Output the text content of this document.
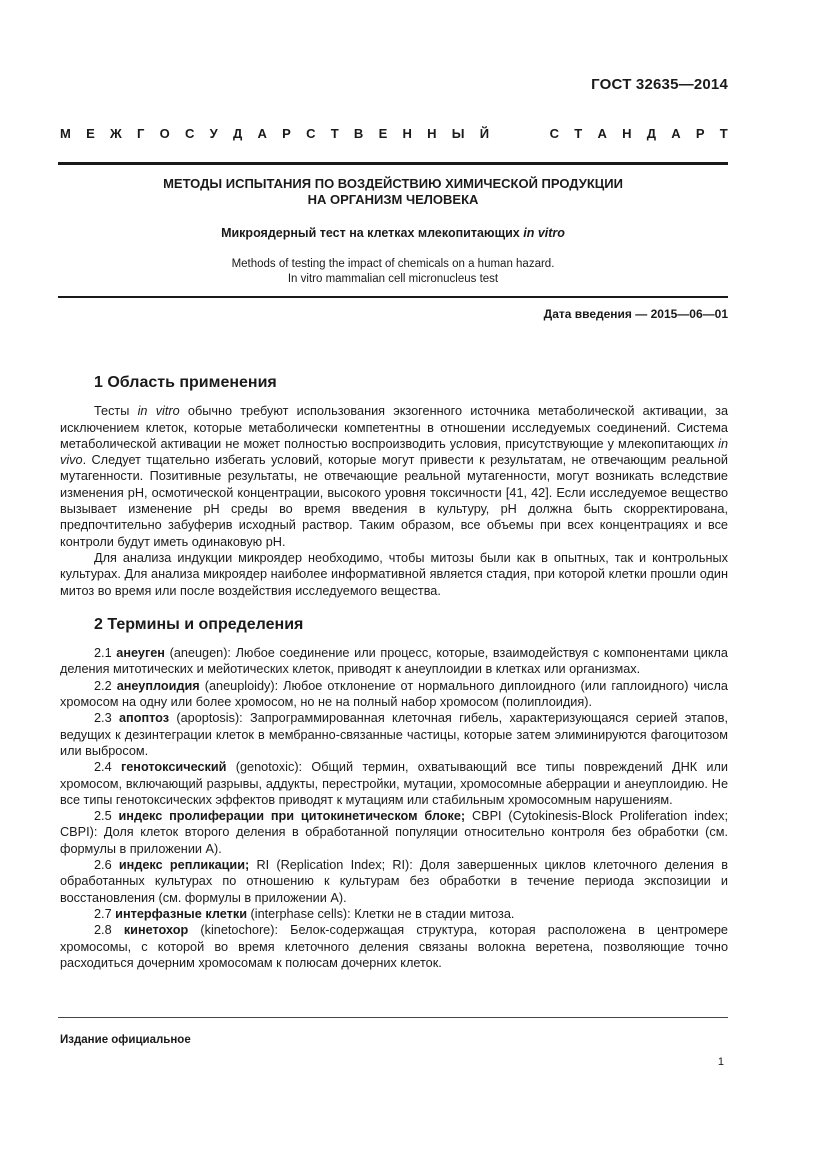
ГОСТ 32635—2014
М Е Ж Г О С У Д А Р С Т В Е Н Н Ы Й	С Т А Н Д А Р Т
МЕТОДЫ ИСПЫТАНИЯ ПО ВОЗДЕЙСТВИЮ ХИМИЧЕСКОЙ ПРОДУКЦИИ
НА ОРГАНИЗМ ЧЕЛОВЕКА
Микроядерный тест на клетках млекопитающих in vitro
Methods of testing the impact of chemicals on a human hazard.
In vitro mammalian cell micronucleus test
Дата введения — 2015—06—01
1 Область применения

Тесты in vitro обычно требуют использования экзогенного источника метаболической активации, за исключением клеток, которые метаболически компетентны в отношении исследуемых соединений. Система метаболической активации не может полностью воспроизводить условия, присутствующие у млекопитающих in vivo. Следует тщательно избегать условий, которые могут привести к результатам, не отвечающим реальной мутагенности. Позитивные результаты, не отвечающие реальной мутагенности, могут возникать вследствие изменения pH, осмотической концентрации, высокого уровня токсичности [41, 42]. Если исследуемое вещество вызывает изменение pH среды во время введения в культуру, pH должна быть скорректирована, предпочтительно забуферив исходный раствор. Таким образом, все объемы при всех концентрациях и все контроли будут иметь одинаковую pH.

Для анализа индукции микроядер необходимо, чтобы митозы были как в опытных, так и контрольных культурах. Для анализа микроядер наиболее информативной является стадия, при которой клетки прошли один митоз во время или после воздействия исследуемого вещества.

2 Термины и определения

2.1 анеуген (aneugen): Любое соединение или процесс, которые, взаимодействуя с компонентами цикла деления митотических и мейотических клеток, приводят к анеуплоидии в клетках или организмах.

2.2 анеуплоидия (aneuploidy): Любое отклонение от нормального диплоидного (или гаплоидного) числа хромосом на одну или более хромосом, но не на полный набор хромосом (полиплоидия).

2.3 апоптоз (apoptosis): Запрограммированная клеточная гибель, характеризующаяся серией этапов, ведущих к дезинтеграции клеток в мембранно-связанные частицы, которые затем элиминируются фагоцитозом или выбросом.

2.4 генотоксический (genotoxic): Общий термин, охватывающий все типы повреждений ДНК или хромосом, включающий разрывы, аддукты, перестройки, мутации, хромосомные аберрации и анеуплоидию. Не все типы генотоксических эффектов приводят к мутациям или стабильным хромосомным нарушениям.

2.5 индекс пролиферации при цитокинетическом блоке; CBPI (Cytokinesis-Block Proliferation index; CBPI): Доля клеток второго деления в обработанной популяции относительно контроля без обработки (см. формулы в приложении А).

2.6 индекс репликации; RI (Replication Index; RI): Доля завершенных циклов клеточного деления в обработанных культурах по отношению к культурам без обработки в течение периода экспозиции и восстановления (см. формулы в приложении А).

2.7 интерфазные клетки (interphase cells): Клетки не в стадии митоза.

2.8 кинетохор (kinetochore): Белок-содержащая структура, которая расположена в центромере хромосомы, с которой во время клеточного деления связаны волокна веретена, позволяющие точно расходиться дочерним хромосомам к полюсам дочерних клеток.

Издание официальное
1
